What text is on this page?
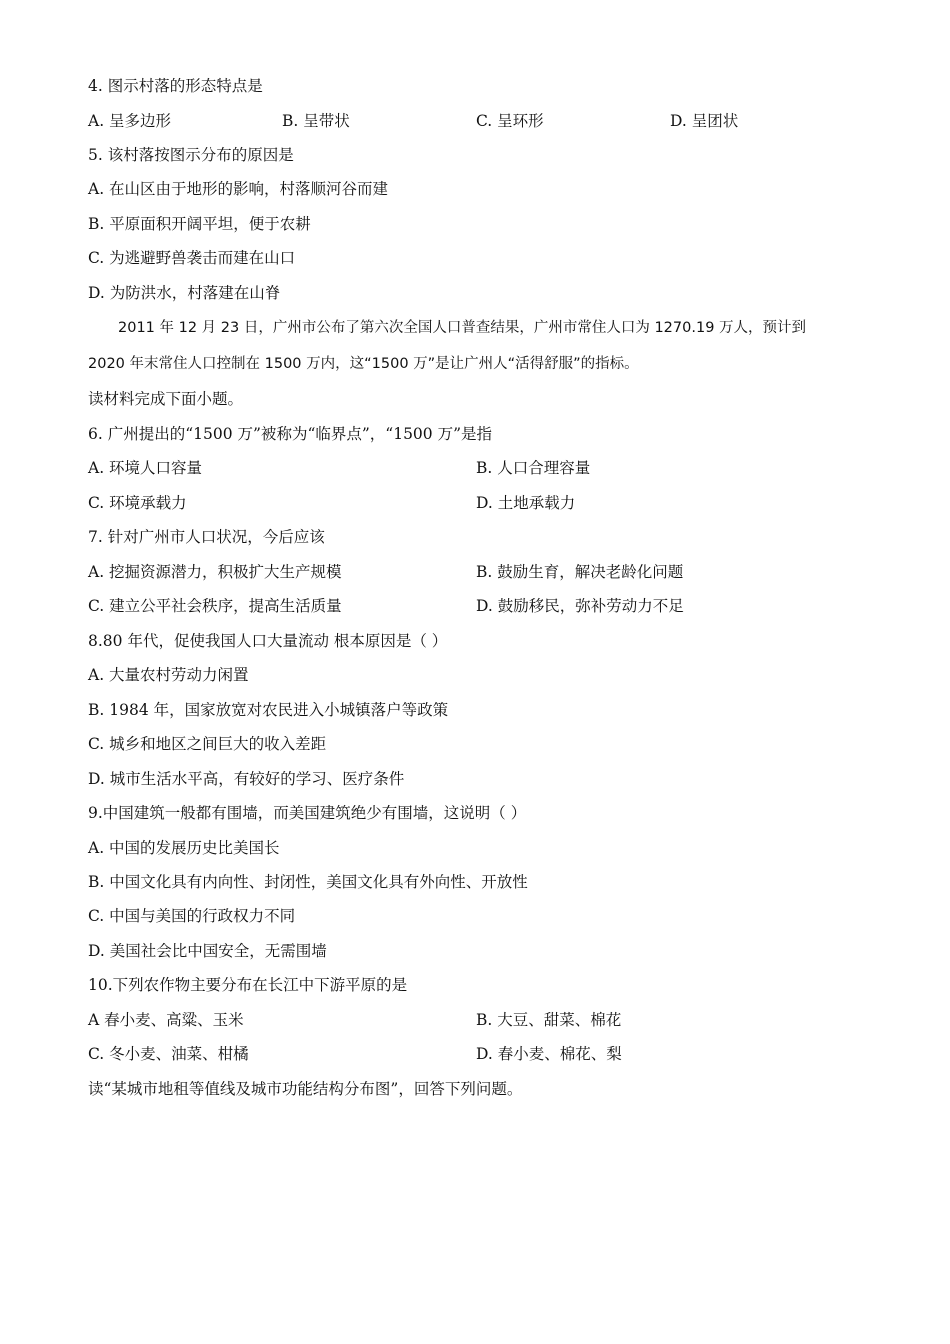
4. 图示村落的形态特点是
A. 呈多边形	B. 呈带状	C. 呈环形	D. 呈团状
5. 该村落按图示分布的原因是
A. 在山区由于地形的影响，村落顺河谷而建
B. 平原面积开阔平坦，便于农耕
C. 为逃避野兽袭击而建在山口
D. 为防洪水，村落建在山脊
2011 年 12 月 23 日，广州市公布了第六次全国人口普查结果，广州市常住人口为 1270.19 万人，预计到
2020 年末常住人口控制在 1500 万内，这“1500 万”是让广州人“活得舒服”的指标。
读材料完成下面小题。
6. 广州提出的“1500 万”被称为“临界点”，“1500 万”是指
A. 环境人口容量	B. 人口合理容量
C. 环境承载力	D. 土地承载力
7. 针对广州市人口状况，今后应该
A. 挖掘资源潜力，积极扩大生产规模	B. 鼓励生育，解决老龄化问题
C. 建立公平社会秩序，提高生活质量	D. 鼓励移民，弥补劳动力不足
8.80 年代，促使我国人口大量流动 根本原因是（ ）
A. 大量农村劳动力闲置
B. 1984 年，国家放宽对农民进入小城镇落户等政策
C. 城乡和地区之间巨大的收入差距
D. 城市生活水平高，有较好的学习、医疗条件
9.中国建筑一般都有围墙，而美国建筑绝少有围墙，这说明（ ）
A. 中国的发展历史比美国长
B. 中国文化具有内向性、封闭性，美国文化具有外向性、开放性
C. 中国与美国的行政权力不同
D. 美国社会比中国安全，无需围墙
10.下列农作物主要分布在长江中下游平原的是
A 春小麦、高粱、玉米	B. 大豆、甜菜、棉花
C. 冬小麦、油菜、柑橘	D. 春小麦、棉花、梨
读“某城市地租等值线及城市功能结构分布图”，回答下列问题。
